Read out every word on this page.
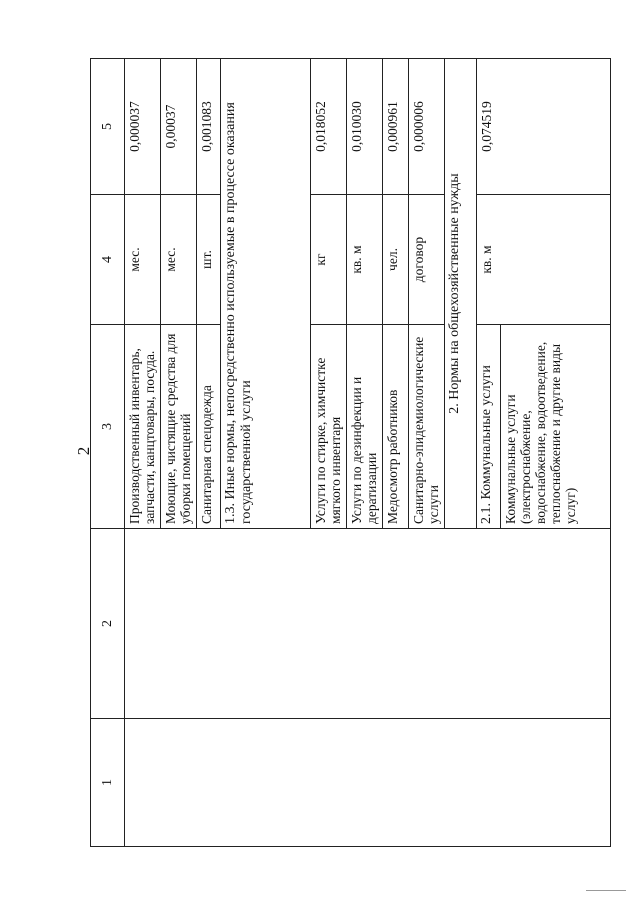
2
1	2	3	4	5
		Производственный инвентарь, запчасти, канцтовары, посуда.	мес.	0,000037
		Моющие, чистящие средства для уборки помещений	мес.	0,00037
		Санитарная спецодежда	шт.	0,001083
		1.3. Иные нормы, непосредственно используемые в процессе оказания государственной услуги		
		Услуги по стирке, химчистке мягкого инвентаря	кг	0,018052
		Услуги по дезинфекции и дератизации	кв. м	0,010030
		Медосмотр работников	чел.	0,000961
		Санитарно-эпидемиологические услуги	договор	0,000006
		2. Нормы на общехозяйственные нужды		
		2.1. Коммунальные услуги	кв. м	0,074519
		Коммунальные услуги (электроснабжение, водоснабжение, водоотведение, теплоснабжение и другие виды услуг)		
